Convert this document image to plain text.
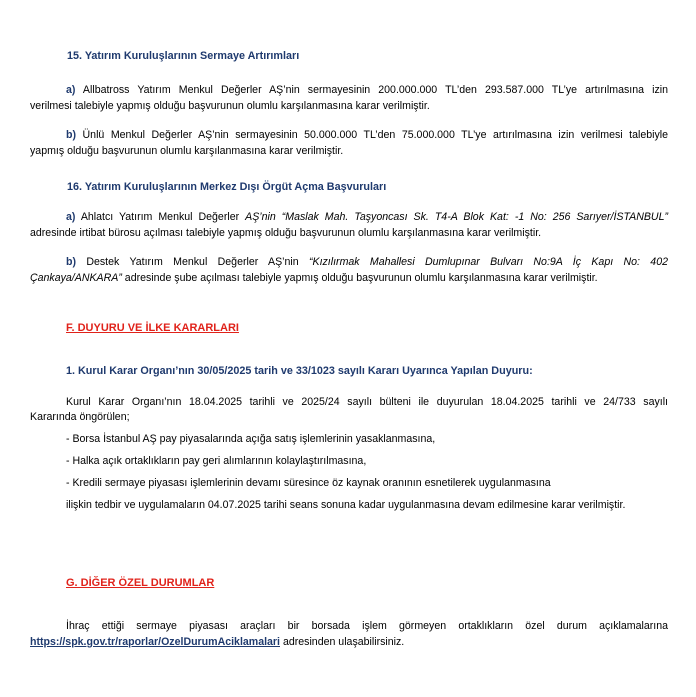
15. Yatırım Kuruluşlarının Sermaye Artırımları
a) Allbatross Yatırım Menkul Değerler AŞ’nin sermayesinin 200.000.000 TL’den 293.587.000 TL’ye artırılmasına izin
verilmesi talebiyle yapmış olduğu başvurunun olumlu karşılanmasına karar verilmiştir.
b) Ünlü Menkul Değerler AŞ’nin sermayesinin 50.000.000 TL’den 75.000.000 TL’ye artırılmasına izin verilmesi talebiyle
yapmış olduğu başvurunun olumlu karşılanmasına karar verilmiştir.
16. Yatırım Kuruluşlarının Merkez Dışı Örgüt Açma Başvuruları
a) Ahlatcı Yatırım Menkul Değerler AŞ’nin “Maslak Mah. Taşyoncası Sk. T4-A Blok Kat: -1 No: 256 Sarıyer/İSTANBUL”
adresinde irtibat bürosu açılması talebiyle yapmış olduğu başvurunun olumlu karşılanmasına karar verilmiştir.
b) Destek Yatırım Menkul Değerler AŞ’nin “Kızılırmak Mahallesi Dumlupınar Bulvarı No:9A İç Kapı No: 402
Çankaya/ANKARA” adresinde şube açılması talebiyle yapmış olduğu başvurunun olumlu karşılanmasına karar verilmiştir.
F. DUYURU VE İLKE KARARLARI
1. Kurul Karar Organı’nın 30/05/2025 tarih ve 33/1023 sayılı Kararı Uyarınca Yapılan Duyuru:
Kurul Karar Organı’nın 18.04.2025 tarihli ve 2025/24 sayılı bülteni ile duyurulan 18.04.2025 tarihli ve 24/733 sayılı
Kararında öngörülen;
- Borsa İstanbul AŞ pay piyasalarında açığa satış işlemlerinin yasaklanmasına,
- Halka açık ortaklıkların pay geri alımlarının kolaylaştırılmasına,
- Kredili sermaye piyasası işlemlerinin devamı süresince öz kaynak oranının esnetilerek uygulanmasına
ilişkin tedbir ve uygulamaların 04.07.2025 tarihi seans sonuna kadar uygulanmasına devam edilmesine karar verilmiştir.
G. DİĞER ÖZEL DURUMLAR
İhraç ettiği sermaye piyasası araçları bir borsada işlem görmeyen ortaklıkların özel durum açıklamalarına
https://spk.gov.tr/raporlar/OzelDurumAciklamalari adresinden ulaşabilirsiniz.
